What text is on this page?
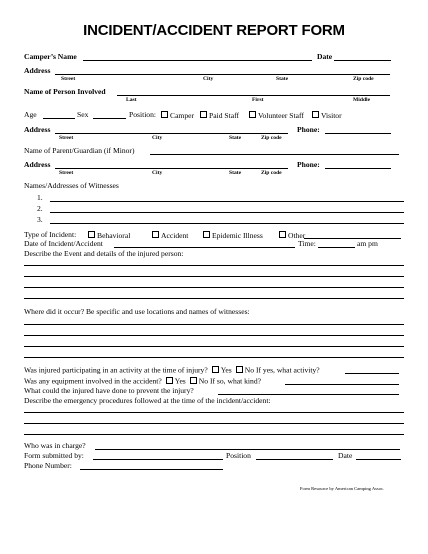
INCIDENT/ACCIDENT REPORT FORM
Camper’s Name	Date
Address
Street	City	State	Zip code
Name of Person Involved
Last	First	Middle
Age	Sex	Position:	Camper	Paid Staff	Volunteer Staff	Visitor
Address	Phone:
Street	City	State	Zip code
Name of Parent/Guardian (if Minor)
Address	Phone:
Street	City	State	Zip code
Names/Addresses of Witnesses
1.
2.
3.
Type of Incident:	Behavioral	Accident	Epidemic Illness	Other
Date of Incident/Accident	Time:	am pm
Describe the Event and details of the injured person:
Where did it occur? Be specific and use locations and names of witnesses:
Was injured participating in an activity at the time of injury? Yes No If yes, what activity?
Was any equipment involved in the accident? Yes No If so, what kind?
What could the injured have done to prevent the injury?
Describe the emergency procedures followed at the time of the incident/accident:
Who was in charge?
Form submitted by:	Position	Date
Phone Number:
Form Resource by American Camping Assoc.
